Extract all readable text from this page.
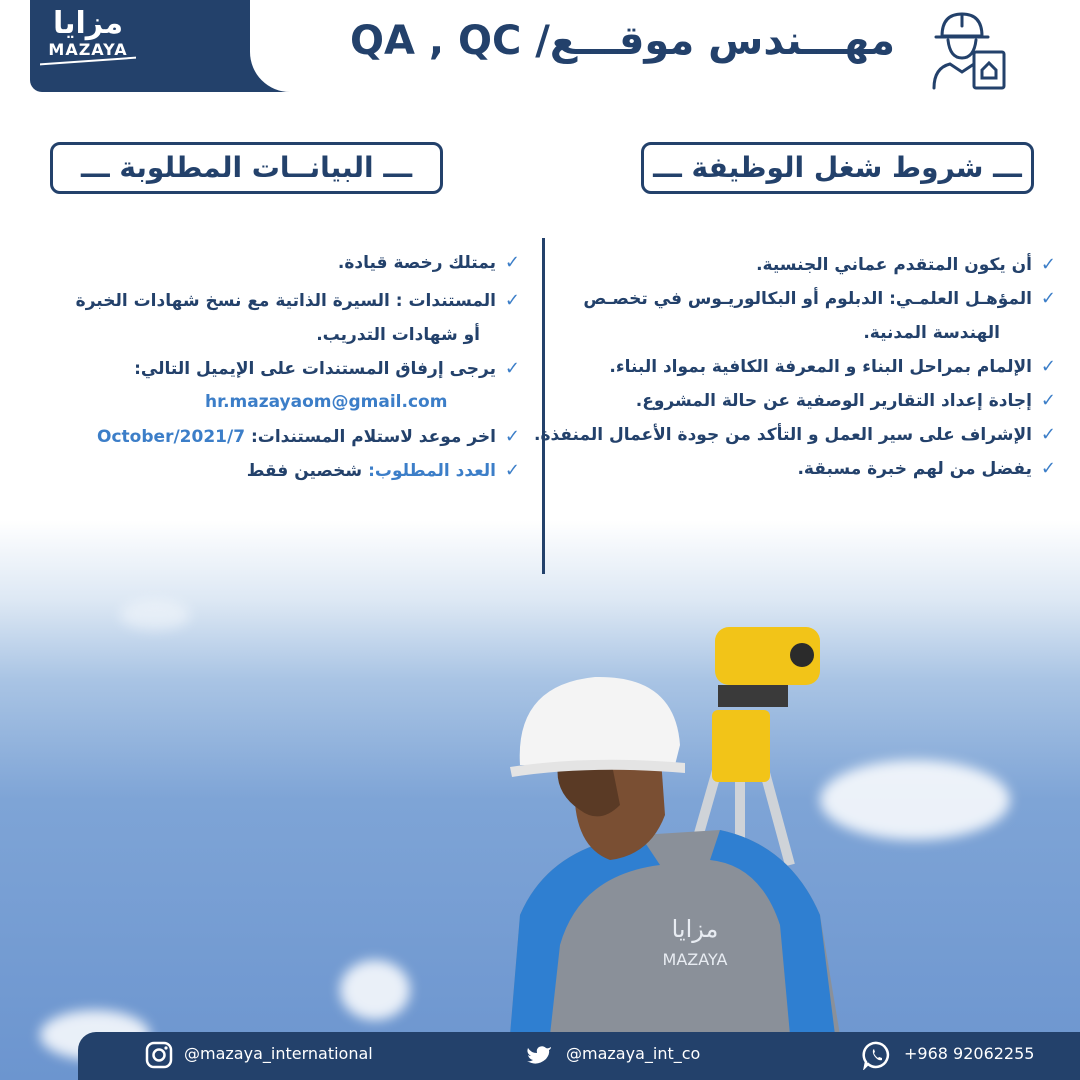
مزايا
MAZAYA	مهـــندس موقـــع/ QA , QC
ـــ شروط شغل الوظيفة ـــ
ـــ البيانــات المطلوبة ـــ
✓
أن يكون المتقدم عماني الجنسية.
✓
المؤهـل العلمـي: الدبلوم أو البكالوريـوس في تخصـص
الهندسة المدنية.
✓
الإلمام بمراحل البناء و المعرفة الكافية بمواد البناء.
✓
إجادة إعداد التقارير الوصفية عن حالة المشروع.
✓
الإشراف على سير العمل و التأكد من جودة الأعمال المنفذة.
✓
يفضل من لهم خبرة مسبقة.
✓
يمتلك رخصة قيادة.
✓
المستندات : السيرة الذاتية مع نسخ شهادات الخبرة
أو شهادات التدريب.
✓
يرجى إرفاق المستندات على الإيميل التالي:
✓
اخر موعد لاستلام المستندات: 7/October/2021
✓
العدد المطلوب: شخصين فقط
hr.mazayaom@gmail.com
مزايا
MAZAYA
@mazaya_international	@mazaya_int_co	+968 92062255
